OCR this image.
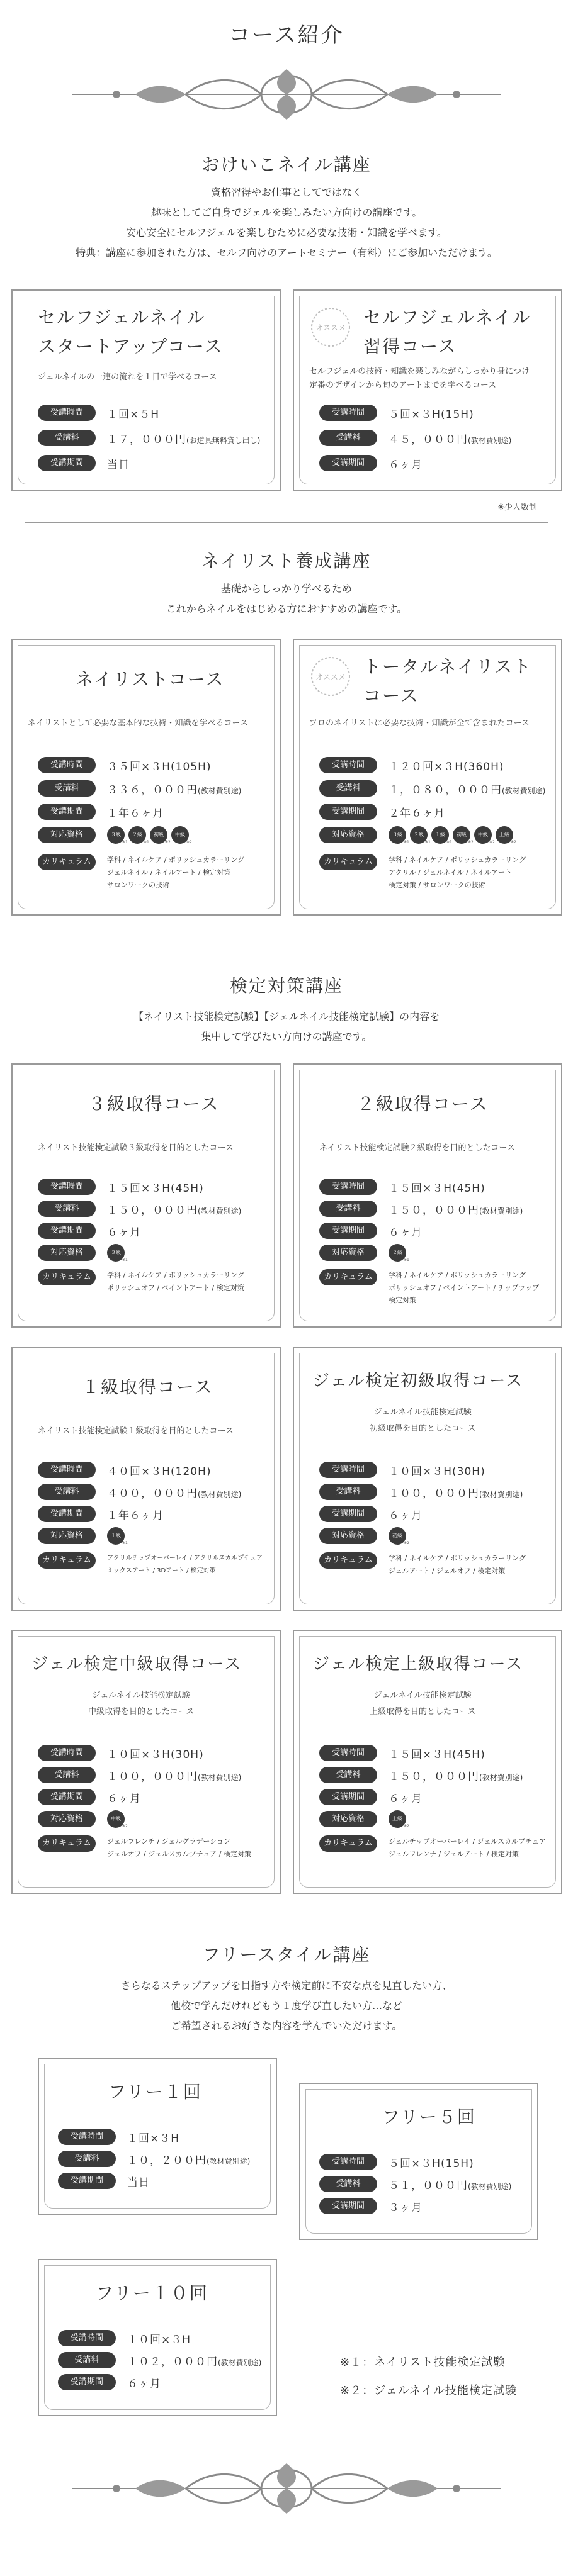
コース紹介
おけいこネイル講座
資格習得やお仕事としてではなく
趣味としてご自身でジェルを楽しみたい方向けの講座です。
安心安全にセルフジェルを楽しむために必要な技術・知識を学べます。
特典：講座に参加された方は、セルフ向けのアートセミナー（有料）にご参加いただけます。
セルフジェルネイル
スタートアップコース
ジェルネイルの一連の流れを１日で学べるコース
受講時間	１回×５H
受講料	１７，０００円(お道具無料貸し出し)
受講期間	当日
オススメ セルフジェルネイル
習得コース
セルフジェルの技術・知識を楽しみながらしっかり身につけ
定番のデザインから旬のアートまでを学べるコース
受講時間	５回×３H(15H)
受講料	４５，０００円(教材費別途)
受講期間	６ヶ月
※少人数制
ネイリスト養成講座
基礎からしっかり学べるため
これからネイルをはじめる方におすすめの講座です。
ネイリストコース
ネイリストとして必要な基本的な技術・知識を学べるコース
受講時間	３５回×３H(105H)
受講料	３３６，０００円(教材費別途)
受講期間	１年６ヶ月
対応資格	３級
※1
２級
※1
初級
※2
中級
※2
カリキュラム	学科 / ネイルケア / ポリッシュカラーリング
ジェルネイル / ネイルアート / 検定対策
サロンワークの技術
オススメ トータルネイリスト
コース
プロのネイリストに必要な技術・知識が全て含まれたコース
受講時間	１２０回×３H(360H)
受講料	１，０８０，０００円(教材費別途)
受講期間	２年６ヶ月
対応資格	３級
※1
２級
※1
１級
※1
初級
※2
中級
※2
上級
※2
カリキュラム	学科 / ネイルケア / ポリッシュカラーリング
アクリル / ジェルネイル / ネイルアート
検定対策 / サロンワークの技術
検定対策講座
【ネイリスト技能検定試験】【ジェルネイル技能検定試験】の内容を
集中して学びたい方向けの講座です。
３級取得コース
ネイリスト技能検定試験３級取得を目的としたコース
受講時間	１５回×３H(45H)
受講料	１５０，０００円(教材費別途)
受講期間	６ヶ月
対応資格	３級
※1
カリキュラム	学科 / ネイルケア / ポリッシュカラーリング
ポリッシュオフ / ペイントアート / 検定対策
２級取得コース
ネイリスト技能検定試験２級取得を目的としたコース
受講時間	１５回×３H(45H)
受講料	１５０，０００円(教材費別途)
受講期間	６ヶ月
対応資格	２級
※1
カリキュラム	学科 / ネイルケア / ポリッシュカラーリング
ポリッシュオフ / ペイントアート / チップラップ
検定対策
１級取得コース
ネイリスト技能検定試験１級取得を目的としたコース
受講時間	４０回×３H(120H)
受講料	４００，０００円(教材費別途)
受講期間	１年６ヶ月
対応資格	１級
※1
カリキュラム	アクリルチップオーバーレイ / アクリルスカルプチュア
ミックスアート / 3Dアート / 検定対策
ジェル検定初級取得コース
ジェルネイル技能検定試験
初級取得を目的としたコース
受講時間	１０回×３H(30H)
受講料	１００，０００円(教材費別途)
受講期間	６ヶ月
対応資格	初級
※2
カリキュラム	学科 / ネイルケア / ポリッシュカラーリング
ジェルアート / ジェルオフ / 検定対策
ジェル検定中級取得コース
ジェルネイル技能検定試験
中級取得を目的としたコース
受講時間	１０回×３H(30H)
受講料	１００，０００円(教材費別途)
受講期間	６ヶ月
対応資格	中級
※2
カリキュラム	ジェルフレンチ / ジェルグラデーション
ジェルオフ / ジェルスカルプチュア / 検定対策
ジェル検定上級取得コース
ジェルネイル技能検定試験
上級取得を目的としたコース
受講時間	１５回×３H(45H)
受講料	１５０，０００円(教材費別途)
受講期間	６ヶ月
対応資格	上級
※2
カリキュラム	ジェルチップオーバーレイ / ジェルスカルプチュア
ジェルフレンチ / ジェルアート / 検定対策
フリースタイル講座
さらなるステップアップを目指す方や検定前に不安な点を見直したい方、
他校で学んだけれどもう１度学び直したい方…など
ご希望されるお好きな内容を学んでいただけます。
フリー１回
受講時間	１回×３H
受講料	１０，２００円(教材費別途)
受講期間	当日
フリー５回
受講時間	５回×３H(15H)
受講料	５１，０００円(教材費別途)
受講期間	３ヶ月
フリー１０回
受講時間	１０回×３H
受講料	１０２，０００円(教材費別途)
受講期間	６ヶ月
※１：ネイリスト技能検定試験
※２：ジェルネイル技能検定試験
